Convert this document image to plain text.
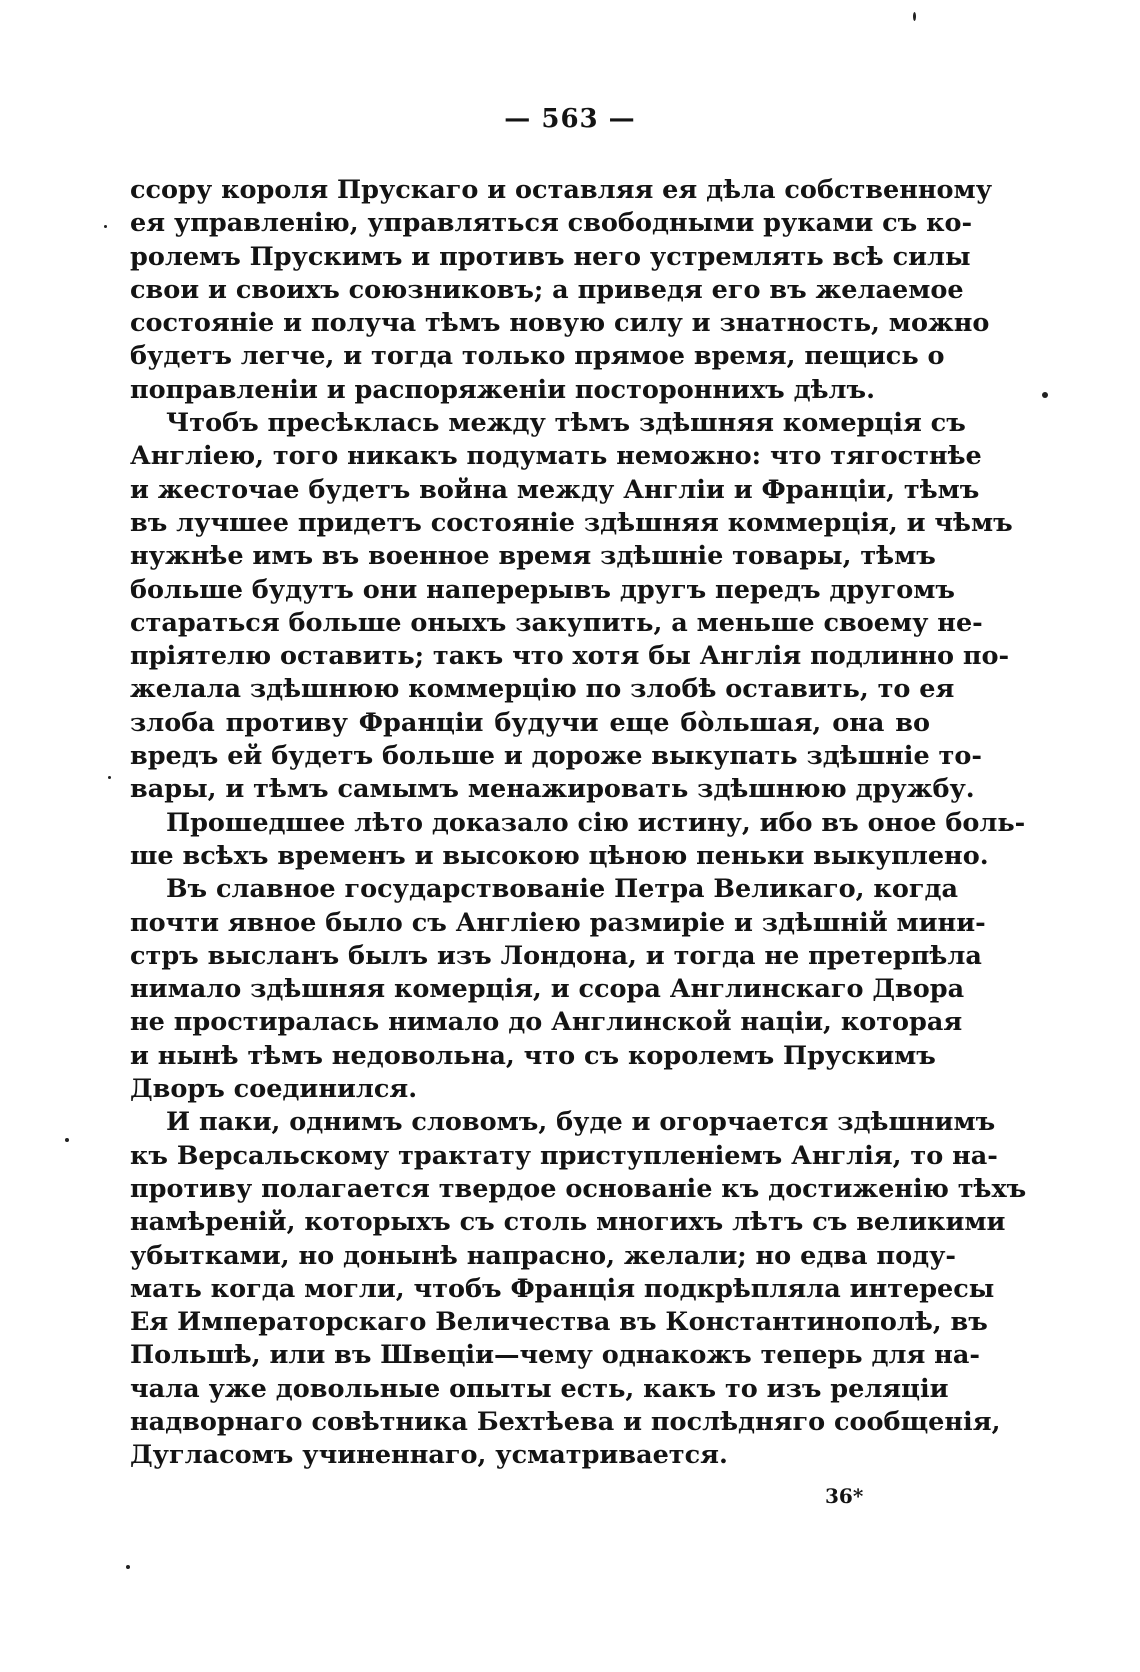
— 563 —
ссору короля Прускаго и оставляя ея дѣла собственному
ея управленію, управляться свободными руками съ ко-
ролемъ Прускимъ и противъ него устремлять всѣ силы
свои и своихъ союзниковъ; а приведя его въ желаемое
состояніе и получа тѣмъ новую силу и знатность, можно
будетъ легче, и тогда только прямое время, пещись о
поправленіи и распоряженіи постороннихъ дѣлъ.
Чтобъ пресѣклась между тѣмъ здѣшняя комерція съ
Англіею, того никакъ подумать неможно: что тягостнѣе
и жесточае будетъ война между Англіи и Франціи, тѣмъ
въ лучшее придетъ состояніе здѣшняя коммерція, и чѣмъ
нужнѣе имъ въ военное время здѣшніе товары, тѣмъ
больше будутъ они наперерывъ другъ передъ другомъ
стараться больше оныхъ закупить, а меньше своему не-
пріятелю оставить; такъ что хотя бы Англія подлинно по-
желала здѣшнюю коммерцію по злобѣ оставить, то ея
злоба противу Франціи будучи еще бо̀льшая, она во
вредъ ей будетъ больше и дороже выкупать здѣшніе то-
вары, и тѣмъ самымъ менажировать здѣшнюю дружбу.
Прошедшее лѣто доказало сію истину, ибо въ оное боль-
ше всѣхъ временъ и высокою цѣною пеньки выкуплено.
Въ славное государствованіе Петра Великаго, когда
почти явное было съ Англіею размиріе и здѣшній мини-
стръ высланъ былъ изъ Лондона, и тогда не претерпѣла
нимало здѣшняя комерція, и ссора Англинскаго Двора
не простиралась нимало до Англинской націи, которая
и нынѣ тѣмъ недовольна, что съ королемъ Прускимъ
Дворъ соединился.
И паки, однимъ словомъ, буде и огорчается здѣшнимъ
къ Версальскому трактату приступленіемъ Англія, то на-
противу полагается твердое основаніе къ достиженію тѣхъ
намѣреній, которыхъ съ столь многихъ лѣтъ съ великими
убытками, но донынѣ напрасно, желали; но едва поду-
мать когда могли, чтобъ Франція подкрѣпляла интересы
Ея Императорскаго Величества въ Константинополѣ, въ
Польшѣ, или въ Швеціи—чему однакожъ теперь для на-
чала уже довольные опыты есть, какъ то изъ реляціи
надворнаго совѣтника Бехтѣева и послѣдняго сообщенія,
Дугласомъ учиненнаго, усматривается.
36*
